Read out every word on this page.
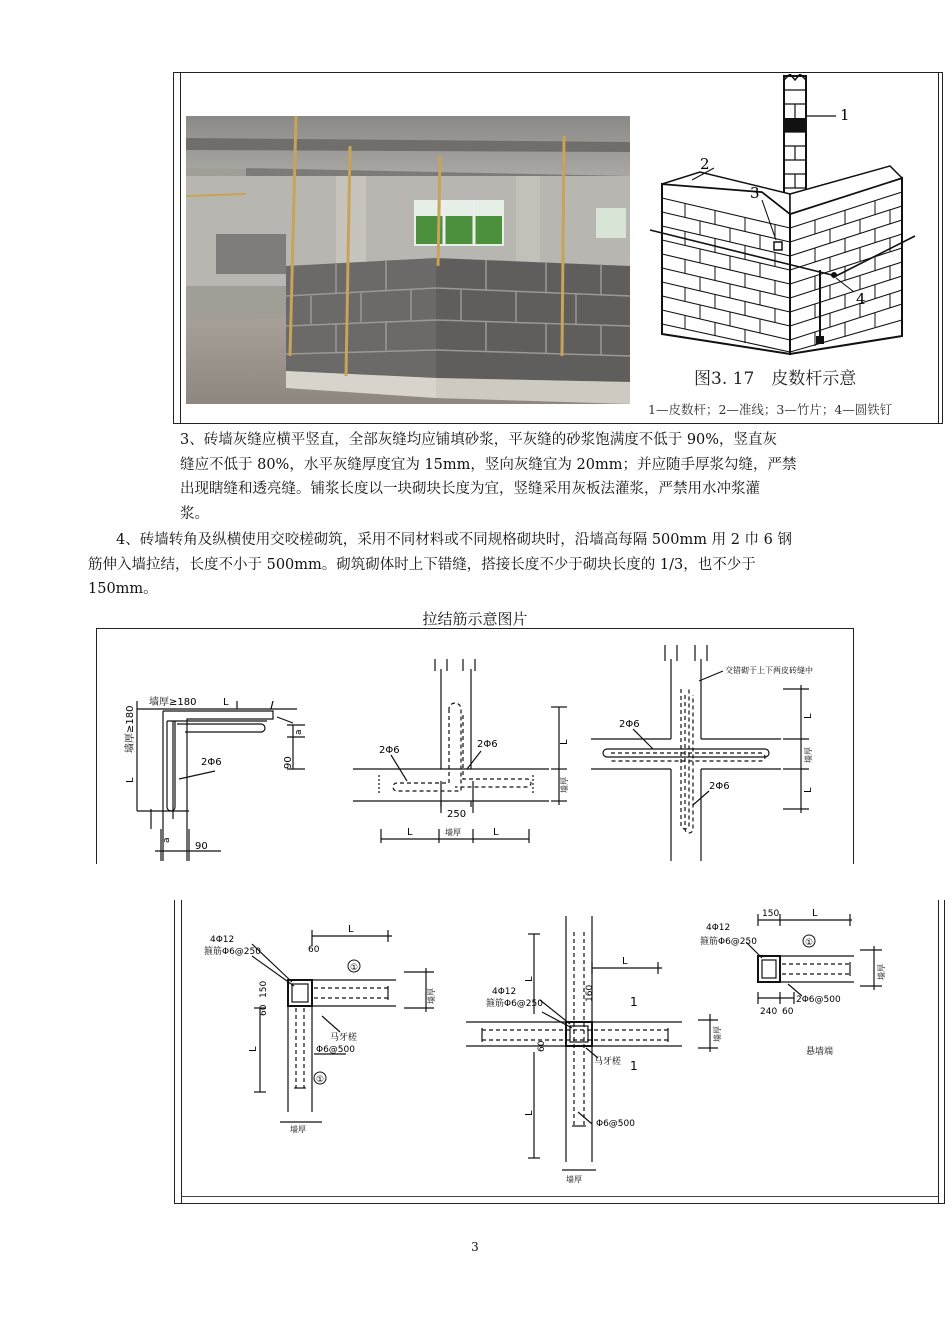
1
2
3
4
图3. 17　皮数杆示意
1—皮数杆；2—准线；3—竹片；4—圆铁钉
3、砖墙灰缝应横平竖直，全部灰缝均应铺填砂浆，平灰缝的砂浆饱满度不低于 90%，竖直灰
缝应不低于 80%，水平灰缝厚度宜为 15mm，竖向灰缝宜为 20mm；并应随手厚浆勾缝，严禁
出现瞎缝和透亮缝。铺浆长度以一块砌块长度为宜，竖缝采用灰板法灌浆，严禁用水冲浆灌
浆。
4、砖墙转角及纵横使用交咬槎砌筑，采用不同材料或不同规格砌块时，沿墙高每隔 500mm 用 2 巾 6 钢
筋伸入墙拉结，长度不小于 500mm。砌筑砌体时上下错缝，搭接长度不少于砌块长度的 1/3，也不少于
150mm。
拉结筋示意图片
墙厚≥180	L
墙厚≥180
L
2Φ6	90
a
a
90
2Φ6
2Φ6
250
L	墙厚	L
L
墙厚
交错砌于上下两皮砖缝中
2Φ6
2Φ6
L
墙厚
L
4Φ12
箍筋Φ6@250	60
L
①
150
60
墙厚
马牙槎
L	Φ6@500
①
墙厚
4Φ12
箍筋Φ6@250
L
160	1
1
60
马牙槎
L
L
墙厚
Φ6@500
墙厚
4Φ12
箍筋Φ6@250
150	L
①
2Φ6@500
240 60
墙厚
悬墙端
3
